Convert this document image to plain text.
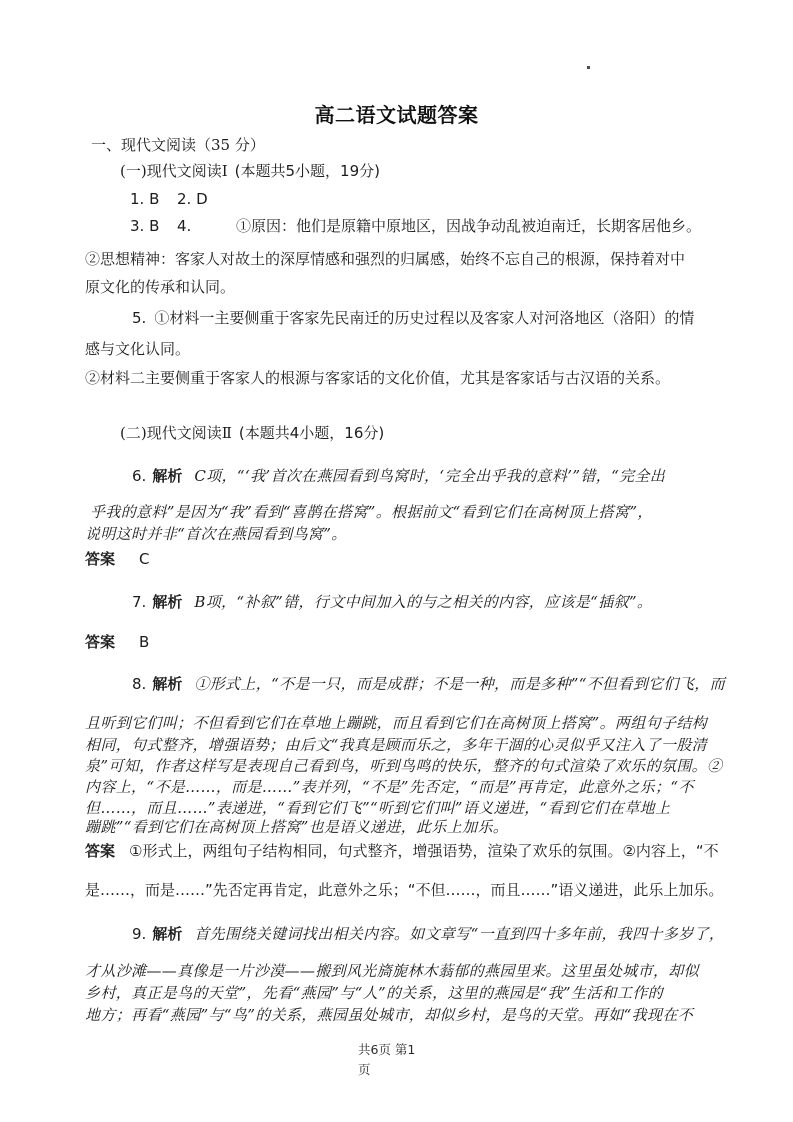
高二语文试题答案
一、现代文阅读（35 分）
(一)现代文阅读Ⅰ (本题共5小题，19分)
1. B 2. D
3. B 4.	①原因：他们是原籍中原地区，因战争动乱被迫南迁，长期客居他乡。
②思想精神：客家人对故土的深厚情感和强烈的归属感，始终不忘自己的根源，保持着对中
原文化的传承和认同。
5. ①材料一主要侧重于客家先民南迁的历史过程以及客家人对河洛地区（洛阳）的情
感与文化认同。
②材料二主要侧重于客家人的根源与客家话的文化价值，尤其是客家话与古汉语的关系。
(二)现代文阅读Ⅱ (本题共4小题，16分)
6. 解析 C项，“‘我’首次在燕园看到鸟窝时，‘完全出乎我的意料’”错，“完全出
乎我的意料”是因为“我”看到“喜鹊在搭窝”。根据前文“看到它们在高树顶上搭窝”，
说明这时并非“首次在燕园看到鸟窝”。
答案 C
7. 解析 B项，“补叙”错，行文中间加入的与之相关的内容，应该是“插叙”。
答案 B
8. 解析 ①形式上，“不是一只，而是成群；不是一种，而是多种”“不但看到它们飞，而
且听到它们叫；不但看到它们在草地上蹦跳，而且看到它们在高树顶上搭窝”。两组句子结构
相同，句式整齐，增强语势；由后文“我真是顾而乐之，多年干涸的心灵似乎又注入了一股清
泉”可知，作者这样写是表现自己看到鸟，听到鸟鸣的快乐，整齐的句式渲染了欢乐的氛围。②
内容上，“不是……，而是……”表并列，“不是”先否定，“而是”再肯定，此意外之乐；“不
但……，而且……”表递进，“看到它们飞”“听到它们叫”语义递进，“看到它们在草地上
蹦跳”“看到它们在高树顶上搭窝”也是语义递进，此乐上加乐。
答案 ①形式上，两组句子结构相同，句式整齐，增强语势，渲染了欢乐的氛围。②内容上，“不
是……，而是……”先否定再肯定，此意外之乐；“不但……，而且……”语义递进，此乐上加乐。
9. 解析 首先围绕关键词找出相关内容。如文章写“一直到四十多年前，我四十多岁了，
才从沙滩——真像是一片沙漠——搬到风光旖旎林木蓊郁的燕园里来。这里虽处城市，却似
乡村，真正是鸟的天堂”，先看“燕园”与“人”的关系，这里的燕园是“我”生活和工作的
地方；再看“燕园”与“鸟”的关系，燕园虽处城市，却似乡村，是鸟的天堂。再如“我现在不
共6页 第1
页
